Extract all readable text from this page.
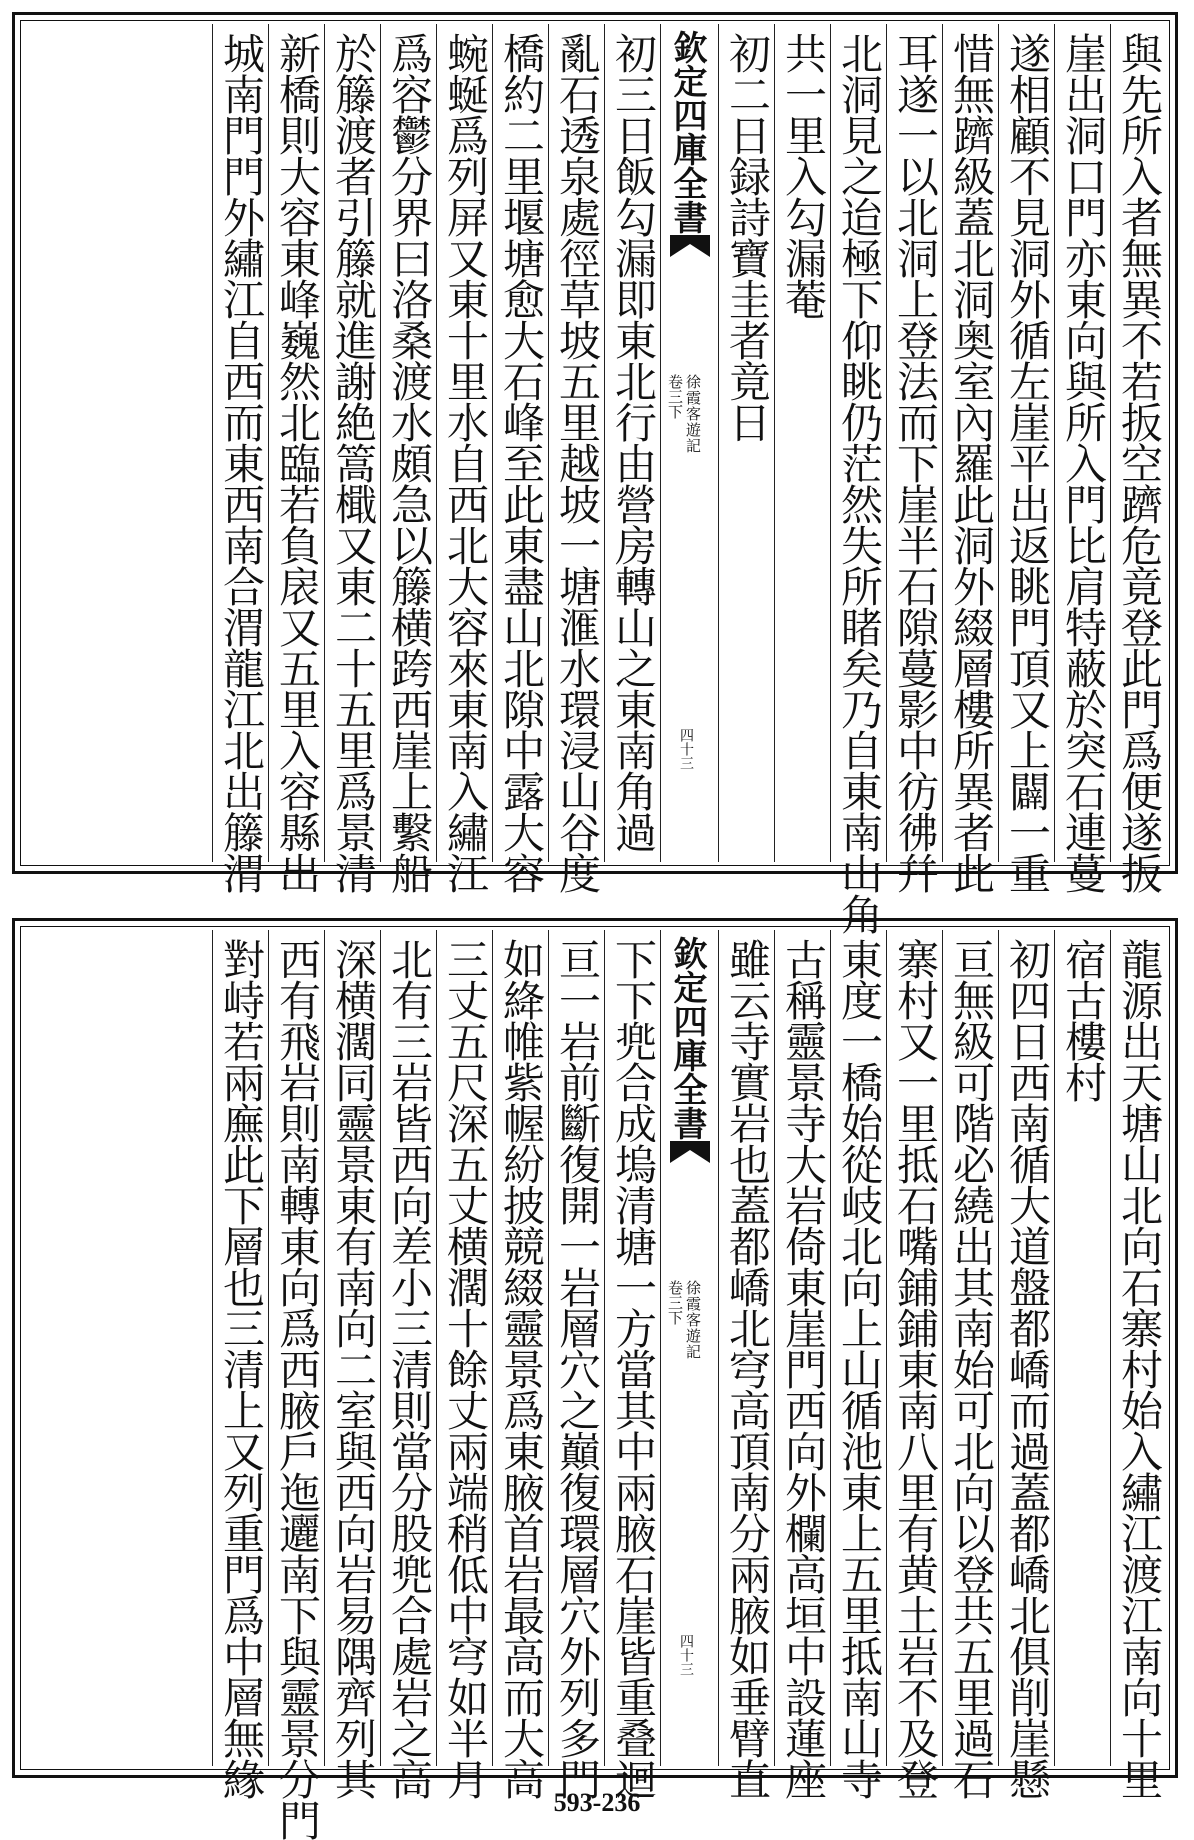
與先所入者無異不若扳空躋危竟登此門爲便遂扳
崖出洞口門亦東向與所入門比肩特蔽於突石連蔓
遂相顧不見洞外循左崖平出返眺門頂又上闢一重
惜無躋級蓋北洞奥室內羅此洞外綴層樓所異者此
耳遂一以北洞上登法而下崖半石隙蔓影中彷彿幷
北洞見之迨極下仰眺仍茫然失所睹矣乃自東南山角
共一里入勾漏菴
初二日録詩寶圭者竟日
欽定四庫全書
徐霞客遊記
卷三下
四十三
初三日飯勾漏即東北行由營房轉山之東南角過
亂石透泉處徑草坡五里越坡一塘滙水環浸山谷度
橋約二里堰塘愈大石峰至此東盡山北隙中露大容
蜿蜒爲列屏又東十里水自西北大容來東南入繡江
爲容鬱分界曰洛桑渡水頗急以籐横跨西崖上繫船
於籐渡者引籐就進謝絶篙檝又東二十五里爲景清
新橋則大容東峰巍然北臨若負扆又五里入容縣出
城南門門外繡江自西而東西南合渭龍江北出籐渭
龍源出天塘山北向石寨村始入繡江渡江南向十里
宿古樓村
初四日西南循大道盤都嶠而過蓋都嶠北俱削崖懸
亘無級可階必繞出其南始可北向以登共五里過石
寨村又一里抵石嘴鋪鋪東南八里有黄土岩不及登
東度一橋始從岐北向上山循池東上五里抵南山寺
古稱靈景寺大岩倚東崖門西向外欄高垣中設蓮座
雖云寺實岩也蓋都嶠北穹高頂南分兩腋如垂臂直
欽定四庫全書
徐霞客遊記
卷三下
四十三
下下兠合成塢清塘一方當其中兩腋石崖皆重叠迴
亘一岩前斷復開一岩層穴之巔復環層穴外列多門
如絳帷紫幄紛披競綴靈景爲東腋首岩最高而大高
三丈五尺深五丈横濶十餘丈兩端稍低中穹如半月
北有三岩皆西向差小三清則當分股兠合處岩之高
深横濶同靈景東有南向二室與西向岩易隅齊列其
西有飛岩則南轉東向爲西腋戶迤邐南下與靈景分門
對峙若兩廡此下層也三清上又列重門爲中層無緣
593-236
